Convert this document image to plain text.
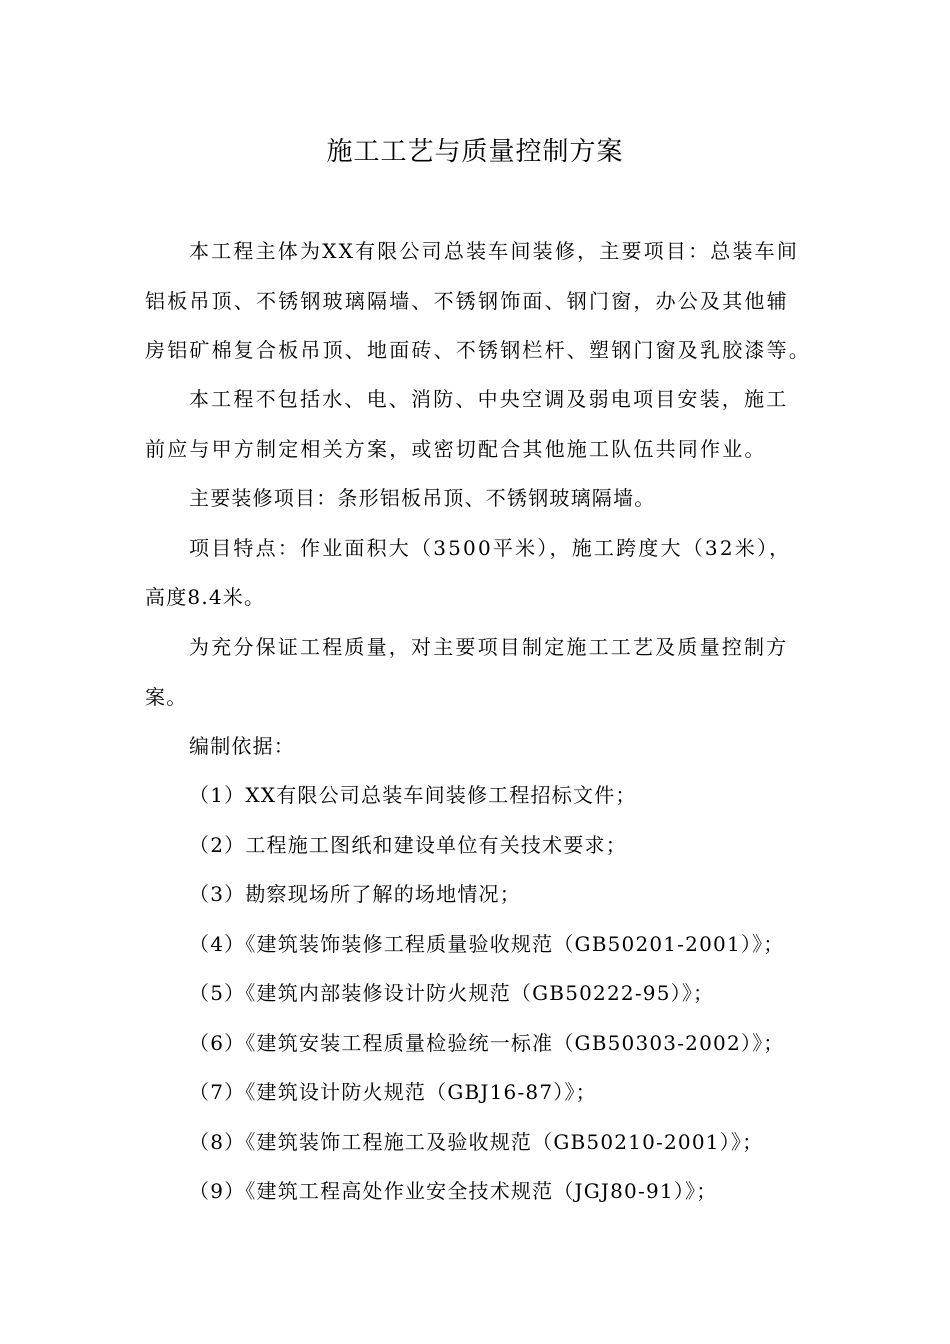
施工工艺与质量控制方案
本工程主体为XX有限公司总装车间装修，主要项目：总装车间
铝板吊顶、不锈钢玻璃隔墙、不锈钢饰面、钢门窗，办公及其他辅
房铝矿棉复合板吊顶、地面砖、不锈钢栏杆、塑钢门窗及乳胶漆等。
本工程不包括水、电、消防、中央空调及弱电项目安装，施工
前应与甲方制定相关方案，或密切配合其他施工队伍共同作业。
主要装修项目：条形铝板吊顶、不锈钢玻璃隔墙。
项目特点：作业面积大（3500平米），施工跨度大（32米），
高度8.4米。
为充分保证工程质量，对主要项目制定施工工艺及质量控制方
案。
编制依据：
（1）XX有限公司总装车间装修工程招标文件；
（2）工程施工图纸和建设单位有关技术要求；
（3）勘察现场所了解的场地情况；
（4）《建筑装饰装修工程质量验收规范（GB50201-2001）》；
（5）《建筑内部装修设计防火规范（GB50222-95）》；
（6）《建筑安装工程质量检验统一标准（GB50303-2002）》；
（7）《建筑设计防火规范（GBJ16-87）》；
（8）《建筑装饰工程施工及验收规范（GB50210-2001）》；
（9）《建筑工程高处作业安全技术规范（JGJ80-91）》；
